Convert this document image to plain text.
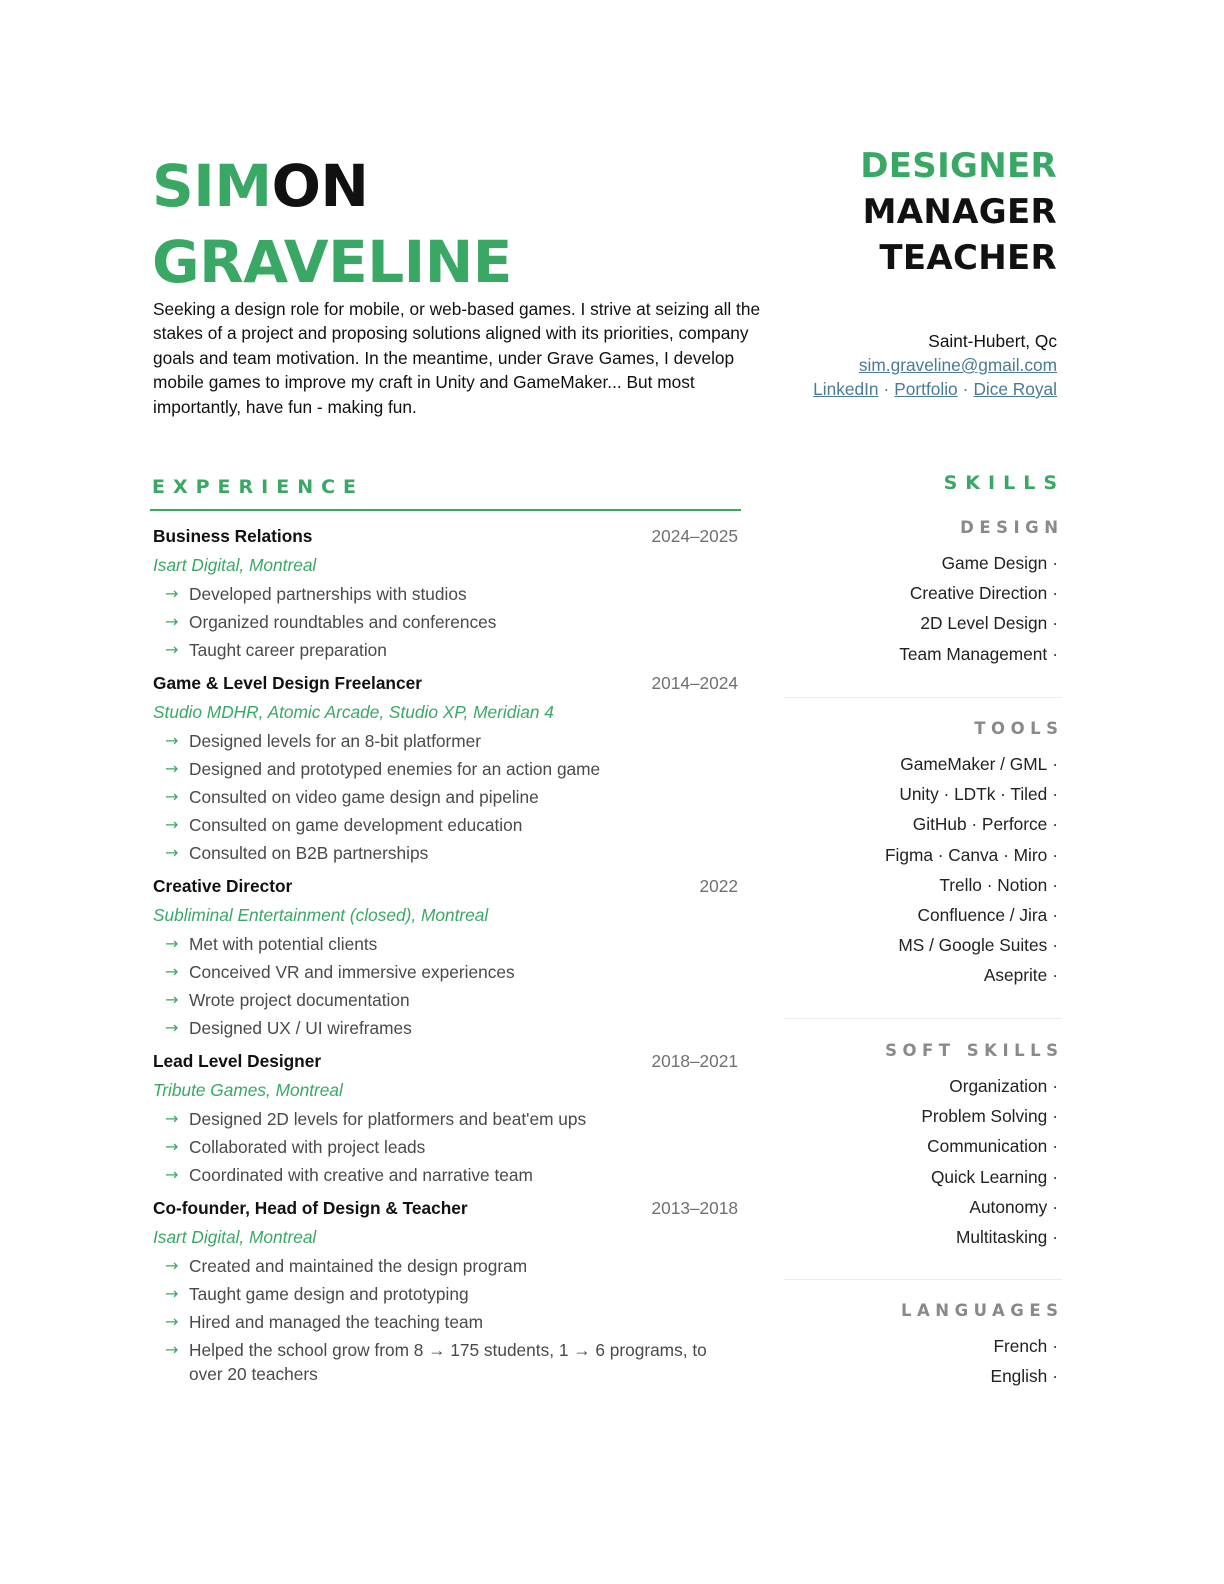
SIMON
GRAVELINE
DESIGNER
MANAGER
TEACHER

Seeking a design role for mobile, or web-based games. I strive at seizing all the stakes of a project and proposing solutions aligned with its priorities, company goals and team motivation. In the meantime, under Grave Games, I develop mobile games to improve my craft in Unity and GameMaker... But most importantly, have fun - making fun.

Saint-Hubert, Qc
sim.graveline@gmail.com
LinkedIn · Portfolio · Dice Royal
EXPERIENCE
Business Relations	2024–2025
Isart Digital, Montreal
→ Developed partnerships with studios
→ Organized roundtables and conferences
→ Taught career preparation
Game & Level Design Freelancer	2014–2024
Studio MDHR, Atomic Arcade, Studio XP, Meridian 4
→ Designed levels for an 8-bit platformer
→ Designed and prototyped enemies for an action game
→ Consulted on video game design and pipeline
→ Consulted on game development education
→ Consulted on B2B partnerships
Creative Director	2022
Subliminal Entertainment (closed), Montreal
→ Met with potential clients
→ Conceived VR and immersive experiences
→ Wrote project documentation
→ Designed UX / UI wireframes
Lead Level Designer	2018–2021
Tribute Games, Montreal
→ Designed 2D levels for platformers and beat'em ups
→ Collaborated with project leads
→ Coordinated with creative and narrative team
Co-founder, Head of Design & Teacher	2013–2018
Isart Digital, Montreal
→ Created and maintained the design program
→ Taught game design and prototyping
→ Hired and managed the teaching team
→ Helped the school grow from 8 → 175 students, 1 → 6 programs, to over 20 teachers
SKILLS
DESIGN
Game Design ·
Creative Direction ·
2D Level Design ·
Team Management ·
TOOLS
GameMaker / GML ·
Unity · LDTk · Tiled ·
GitHub · Perforce ·
Figma · Canva · Miro ·
Trello · Notion ·
Confluence / Jira ·
MS / Google Suites ·
Aseprite ·
SOFT SKILLS
Organization ·
Problem Solving ·
Communication ·
Quick Learning ·
Autonomy ·
Multitasking ·
LANGUAGES
French ·
English ·
